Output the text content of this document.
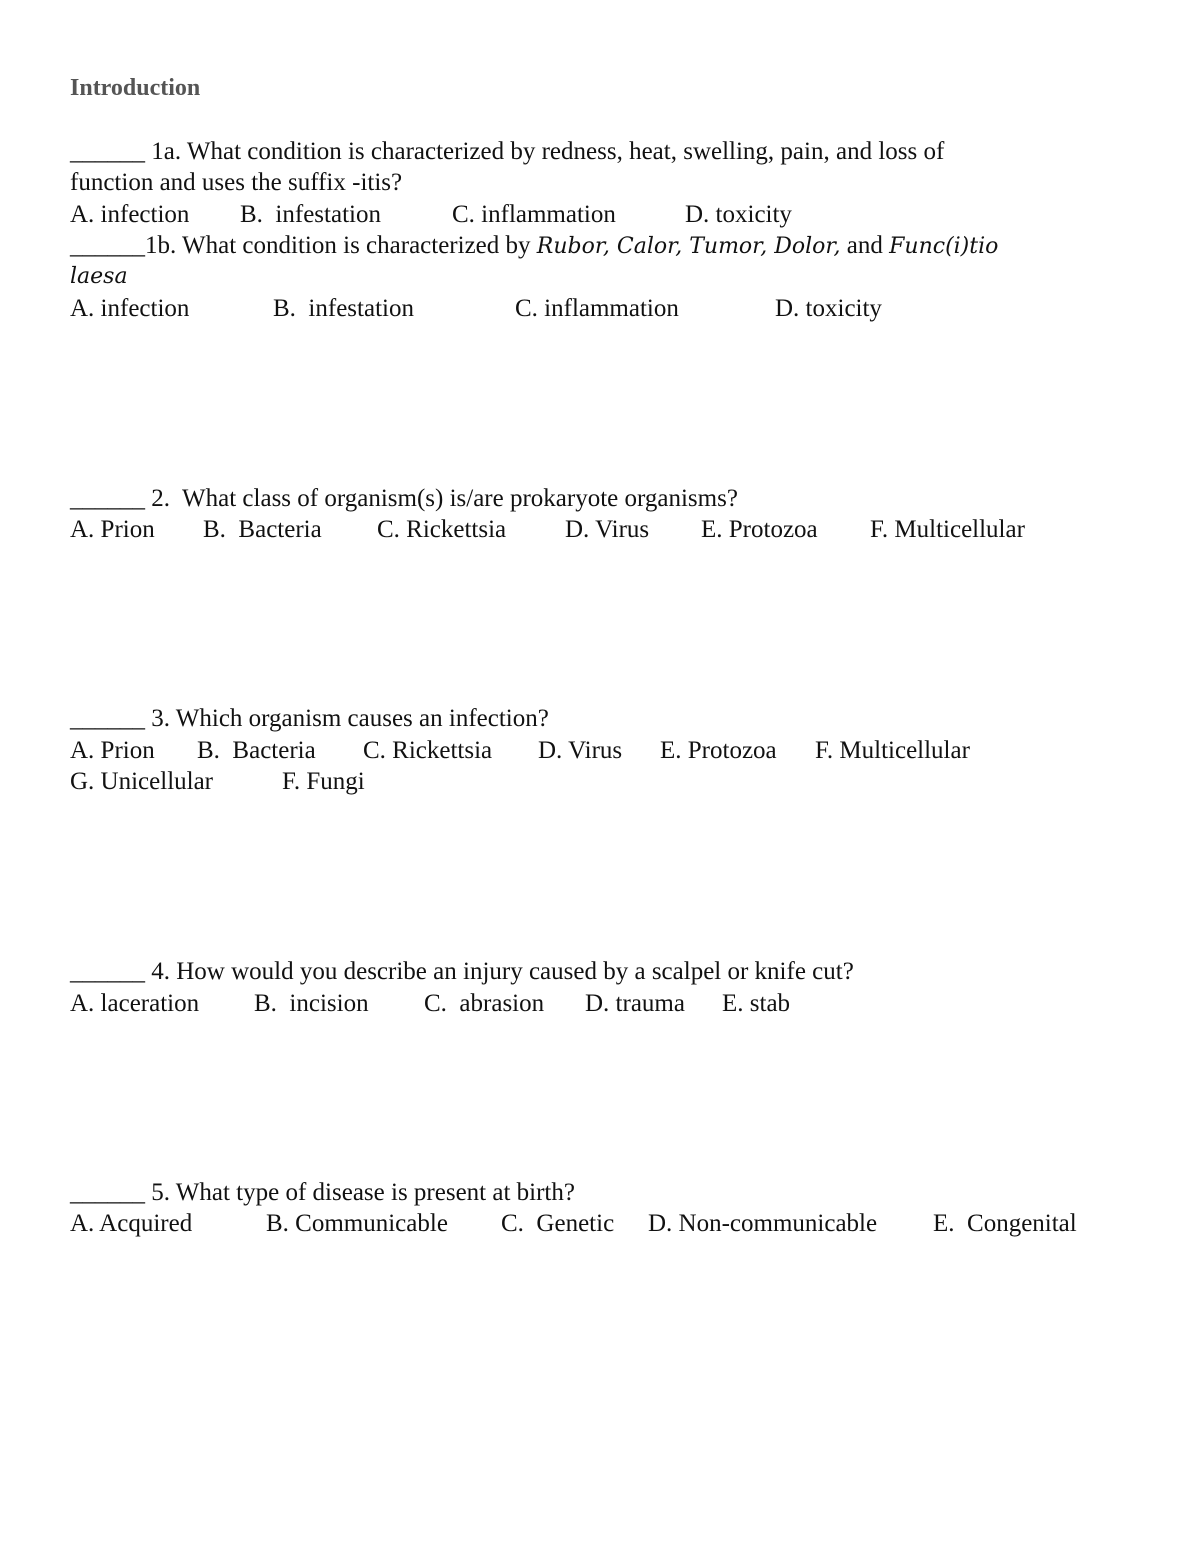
Introduction
______ 1a. What condition is characterized by redness, heat, swelling, pain, and loss of
function and uses the suffix -itis?
A. infection B.  infestation	C. inflammation	D. toxicity
______1b. What condition is characterized by Rubor, Calor, Tumor, Dolor, and Func(i)tio
laesa
A. infection	B.  infestation	C. inflammation	D. toxicity
______ 2.  What class of organism(s) is/are prokaryote organisms?
A. Prion B.  Bacteria C. Rickettsia D. Virus E. Protozoa F. Multicellular
______ 3. Which organism causes an infection?
A. Prion B.  Bacteria C. Rickettsia D. Virus E. Protozoa F. Multicellular
G. Unicellular	F. Fungi
______ 4. How would you describe an injury caused by a scalpel or knife cut?
A. laceration B.  incision C.  abrasion D. trauma E. stab
______ 5. What type of disease is present at birth?
A. Acquired	B. Communicable C.  Genetic D. Non-communicable E.  Congenital
